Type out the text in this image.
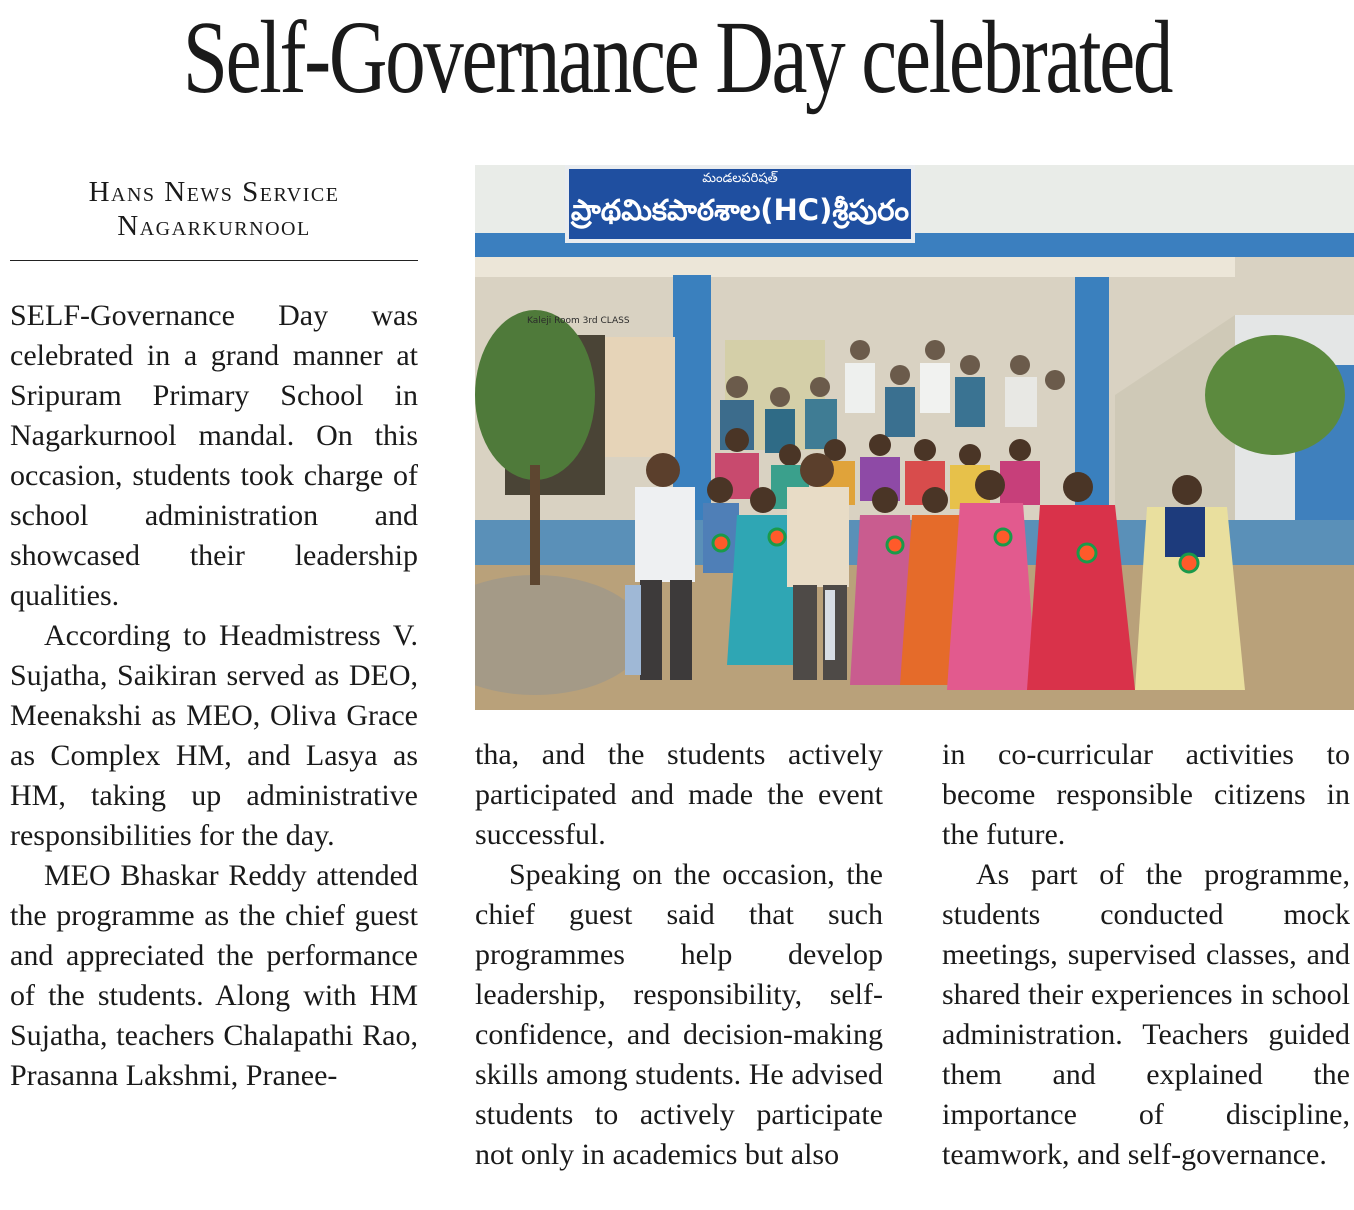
Self-Governance Day celebrated
Hans News Service
Nagarkurnool

SELF-Governance Day was celebrated in a grand manner at Sripuram Primary School in Nagarkurnool mandal. On this occasion, students took charge of school administration and showcased their leadership qualities.

According to Headmistress V. Sujatha, Saikiran served as DEO, Meenakshi as MEO, Oliva Grace as Complex HM, and Lasya as HM, taking up administrative responsibilities for the day.

MEO Bhaskar Reddy attended the programme as the chief guest and appreciated the performance of the students. Along with HM Sujatha, teachers Chalapathi Rao, Prasanna Lakshmi, Pranee-

మండలపరిషత్
ప్రాథమికపాఠశాల(HC)శ్రీపురం
Kaleji Room 3rd CLASS

tha, and the students actively participated and made the event successful.

Speaking on the occasion, the chief guest said that such programmes help develop leadership, responsibility, self-confidence, and decision-making skills among students. He advised students to actively participate not only in academics but also

in co-curricular activities to become responsible citizens in the future.

As part of the programme, students conducted mock meetings, supervised classes, and shared their experiences in school administration. Teachers guided them and explained the importance of discipline, teamwork, and self-governance.
